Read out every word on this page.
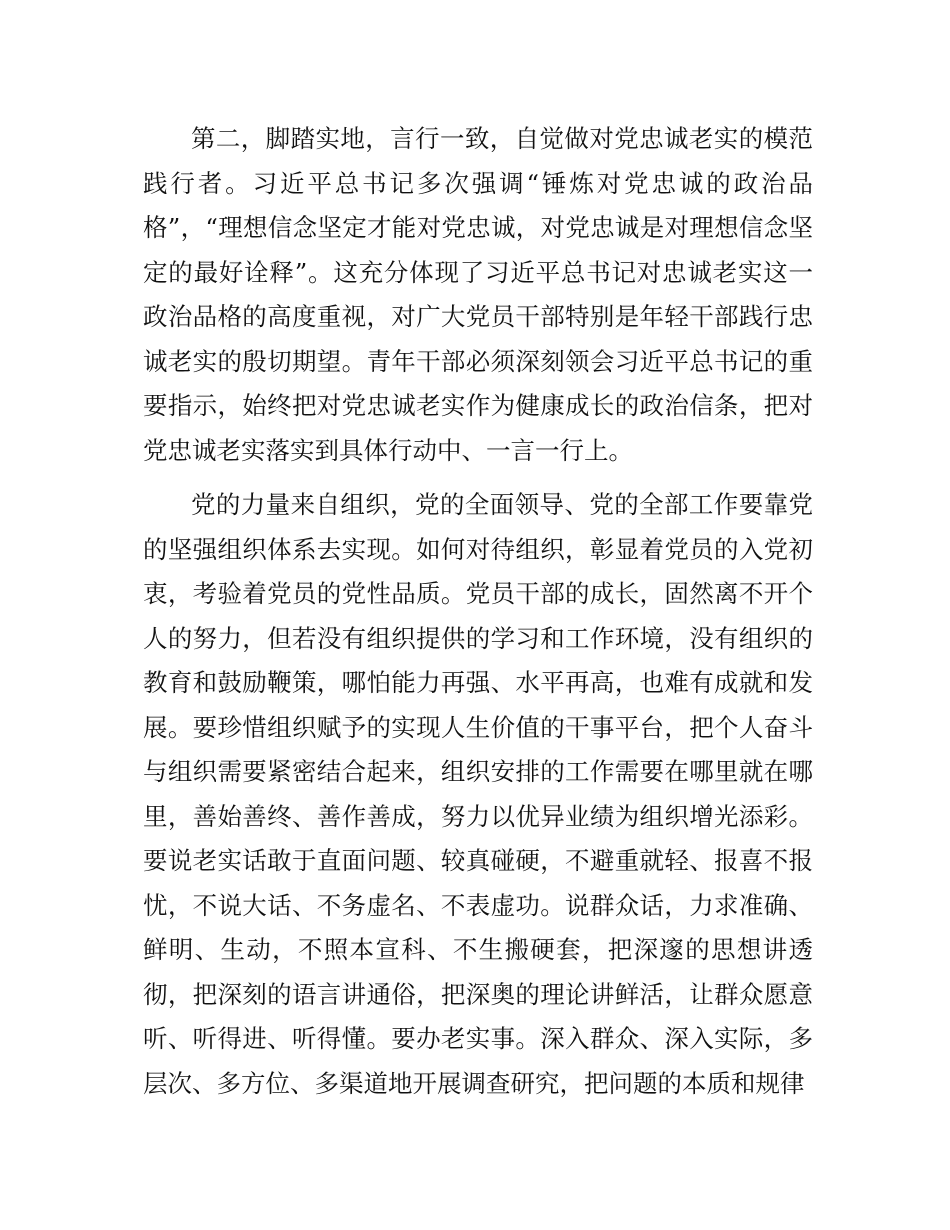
第二，脚踏实地，言行一致，自觉做对党忠诚老实的模范践行者。习近平总书记多次强调“锤炼对党忠诚的政治品格”，“理想信念坚定才能对党忠诚，对党忠诚是对理想信念坚定的最好诠释”。这充分体现了习近平总书记对忠诚老实这一政治品格的高度重视，对广大党员干部特别是年轻干部践行忠诚老实的殷切期望。青年干部必须深刻领会习近平总书记的重要指示，始终把对党忠诚老实作为健康成长的政治信条，把对党忠诚老实落实到具体行动中、一言一行上。

党的力量来自组织，党的全面领导、党的全部工作要靠党的坚强组织体系去实现。如何对待组织，彰显着党员的入党初衷，考验着党员的党性品质。党员干部的成长，固然离不开个人的努力，但若没有组织提供的学习和工作环境，没有组织的教育和鼓励鞭策，哪怕能力再强、水平再高，也难有成就和发展。要珍惜组织赋予的实现人生价值的干事平台，把个人奋斗与组织需要紧密结合起来，组织安排的工作需要在哪里就在哪里，善始善终、善作善成，努力以优异业绩为组织增光添彩。要说老实话敢于直面问题、较真碰硬，不避重就轻、报喜不报忧，不说大话、不务虚名、不表虚功。说群众话，力求准确、鲜明、生动，不照本宣科、不生搬硬套，把深邃的思想讲透彻，把深刻的语言讲通俗，把深奥的理论讲鲜活，让群众愿意听、听得进、听得懂。要办老实事。深入群众、深入实际，多层次、多方位、多渠道地开展调查研究，把问题的本质和规律
